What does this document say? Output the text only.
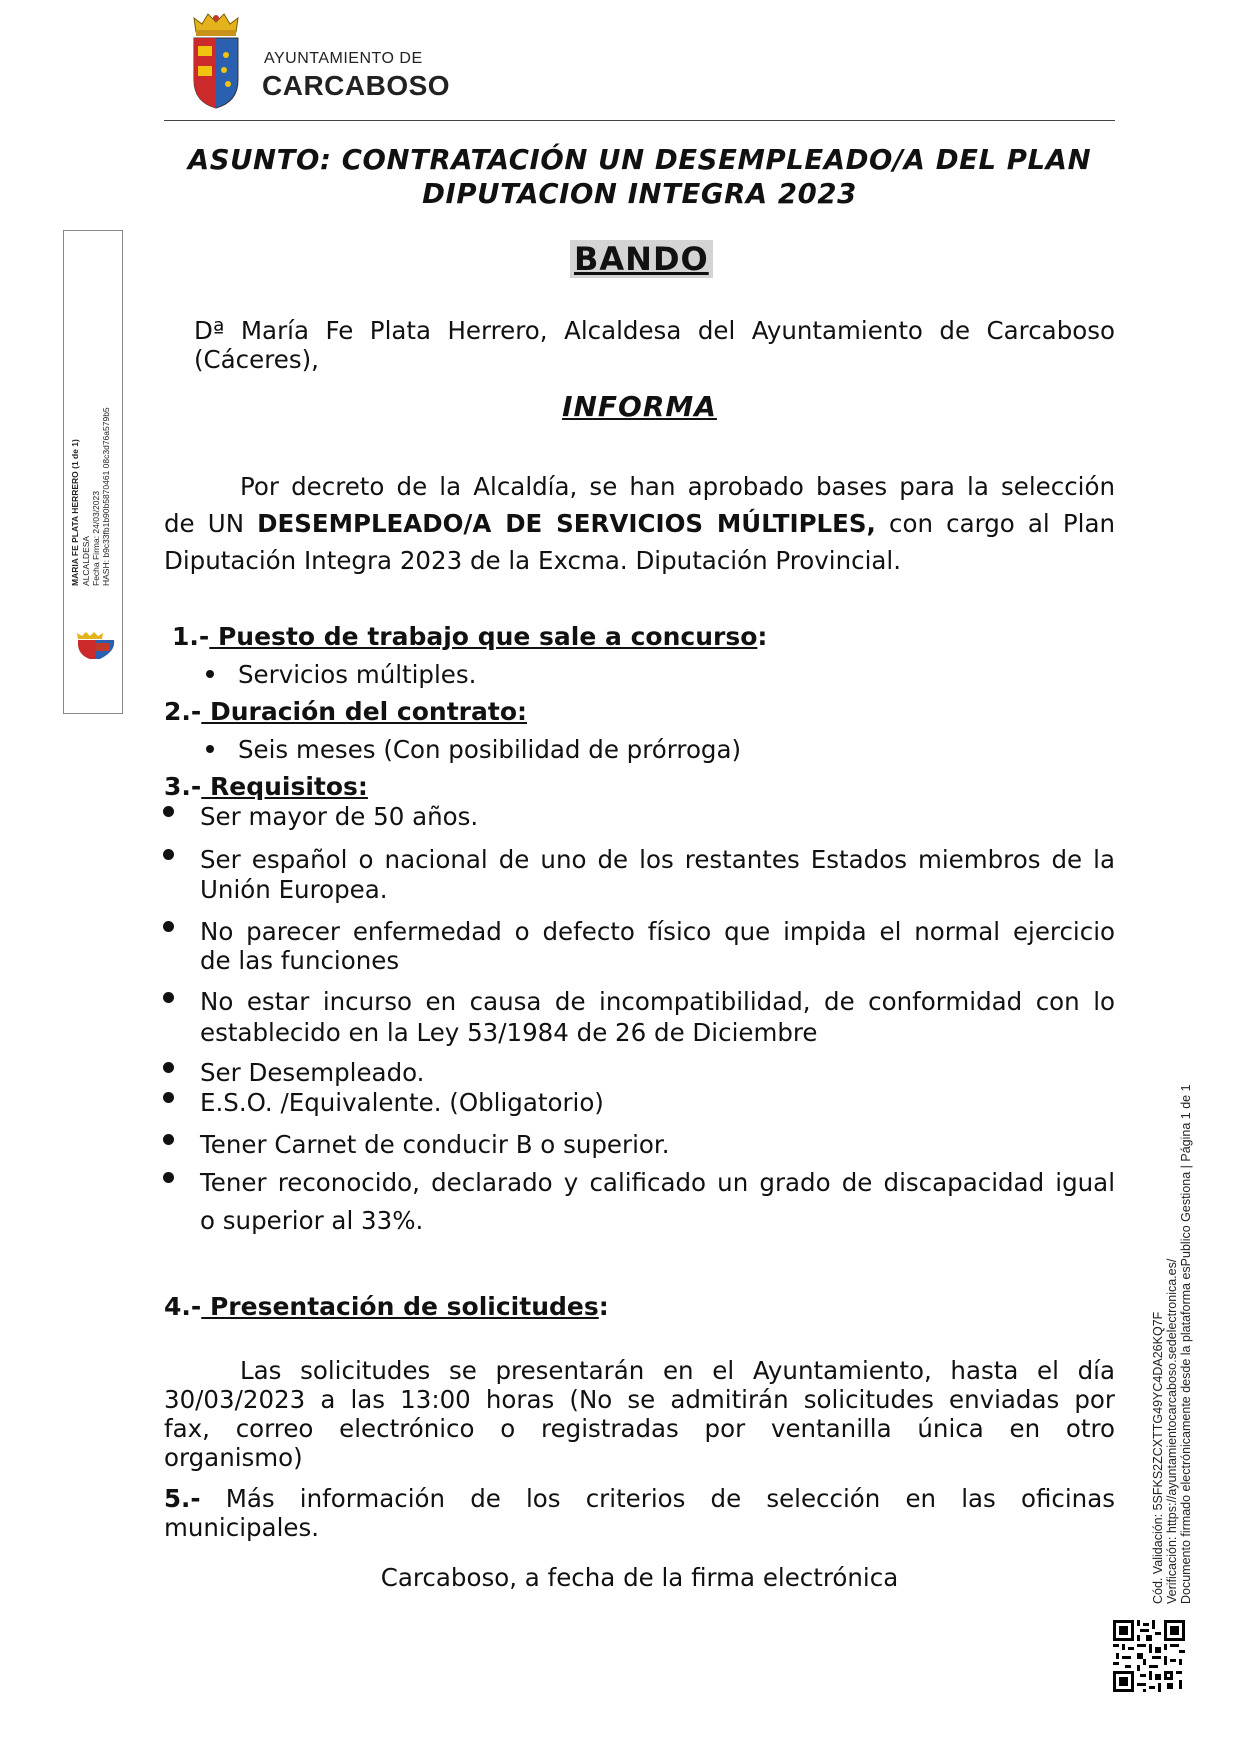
AYUNTAMIENTO DE
CARCABOSO
ASUNTO: CONTRATACIÓN UN DESEMPLEADO/A DEL PLAN
DIPUTACION INTEGRA 2023
BANDO
Dª María Fe Plata Herrero, Alcaldesa del Ayuntamiento de Carcaboso
(Cáceres),
INFORMA
Por decreto de la Alcaldía, se han aprobado bases para la selección
de UN DESEMPLEADO/A DE SERVICIOS MÚLTIPLES, con cargo al Plan
Diputación Integra 2023 de la Excma. Diputación Provincial.
1.- Puesto de trabajo que sale a concurso:
Servicios múltiples.
2.- Duración del contrato:
Seis meses (Con posibilidad de prórroga)
3.- Requisitos:
Ser mayor de 50 años.
Ser español o nacional de uno de los restantes Estados miembros de la
Unión Europea.
No parecer enfermedad o defecto físico que impida el normal ejercicio
de las funciones
No estar incurso en causa de incompatibilidad, de conformidad con lo
establecido en la Ley 53/1984 de 26 de Diciembre
Ser Desempleado.
E.S.O. /Equivalente. (Obligatorio)
Tener Carnet de conducir B o superior.
Tener reconocido, declarado y calificado un grado de discapacidad igual
o superior al 33%.
4.- Presentación de solicitudes:
Las solicitudes se presentarán en el Ayuntamiento, hasta el día
30/03/2023 a las 13:00 horas (No se admitirán solicitudes enviadas por
fax, correo electrónico o registradas por ventanilla única en otro
organismo)
5.- Más información de los criterios de selección en las oficinas
municipales.
Carcaboso, a fecha de la firma electrónica
MARIA FE PLATA HERRERO (1 de 1) ALCALDESA Fecha Firma: 24/03/2023 HASH: b9c33fb1b90b5870461 08c3d76a579b5
Cód. Validación: 5SFKS2ZCXTTG49YC4DA26KQ7F Verificación: https://ayuntamientocarcaboso.sedelectronica.es/ Documento firmado electrónicamente desde la plataforma esPublico Gestiona | Página 1 de 1
